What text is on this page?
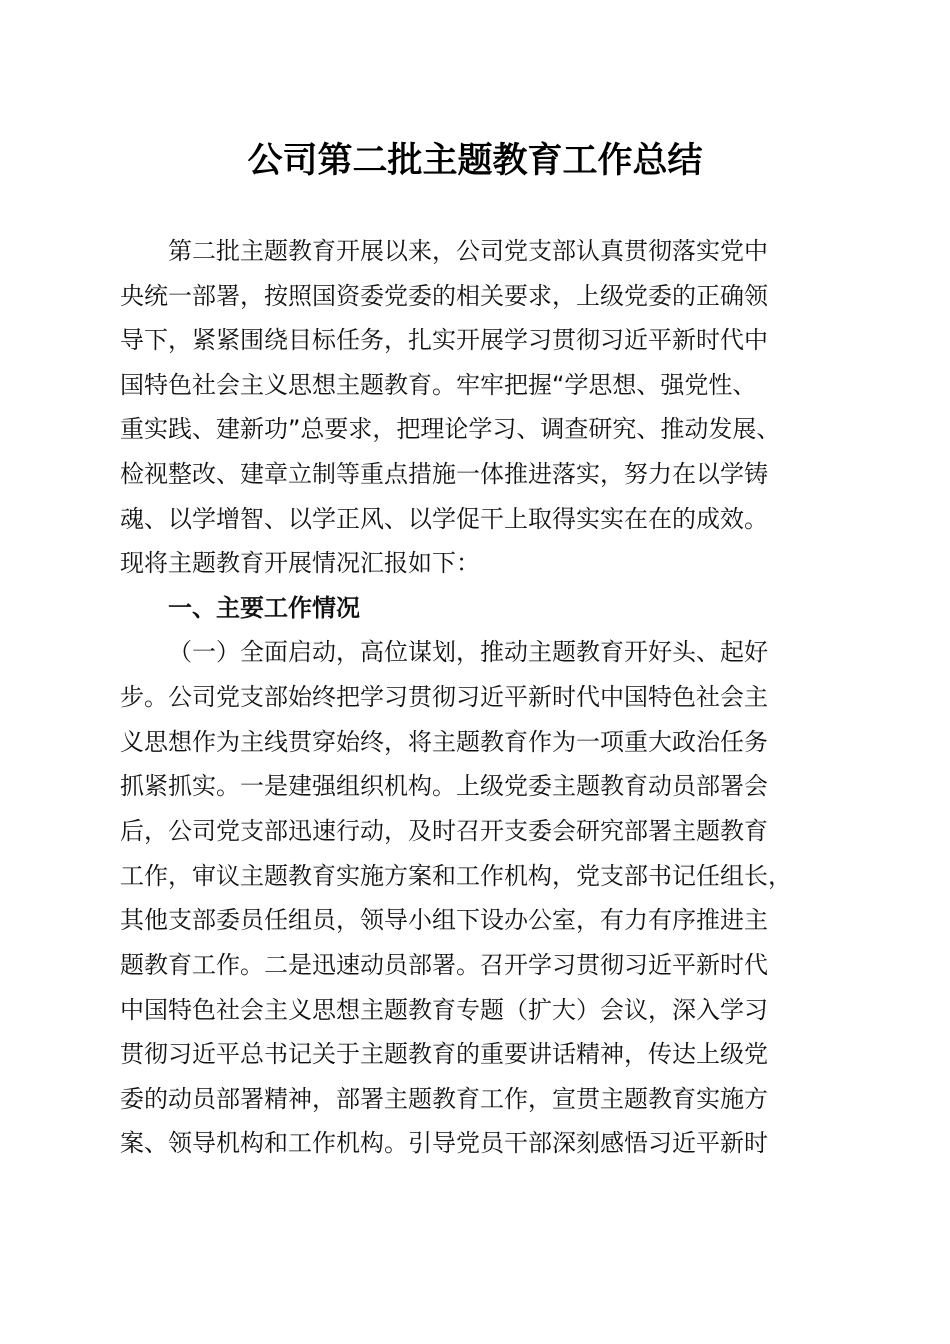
公司第二批主题教育工作总结
第二批主题教育开展以来，公司党支部认真贯彻落实党中
央统一部署，按照国资委党委的相关要求，上级党委的正确领
导下，紧紧围绕目标任务，扎实开展学习贯彻习近平新时代中
国特色社会主义思想主题教育。牢牢把握“学思想、强党性、
重实践、建新功”总要求，把理论学习、调查研究、推动发展、
检视整改、建章立制等重点措施一体推进落实，努力在以学铸
魂、以学增智、以学正风、以学促干上取得实实在在的成效。
现将主题教育开展情况汇报如下：
一、主要工作情况
（一）全面启动，高位谋划，推动主题教育开好头、起好
步。公司党支部始终把学习贯彻习近平新时代中国特色社会主
义思想作为主线贯穿始终，将主题教育作为一项重大政治任务
抓紧抓实。一是建强组织机构。上级党委主题教育动员部署会
后，公司党支部迅速行动，及时召开支委会研究部署主题教育
工作，审议主题教育实施方案和工作机构，党支部书记任组长，
其他支部委员任组员，领导小组下设办公室，有力有序推进主
题教育工作。二是迅速动员部署。召开学习贯彻习近平新时代
中国特色社会主义思想主题教育专题（扩大）会议，深入学习
贯彻习近平总书记关于主题教育的重要讲话精神，传达上级党
委的动员部署精神，部署主题教育工作，宣贯主题教育实施方
案、领导机构和工作机构。引导党员干部深刻感悟习近平新时
